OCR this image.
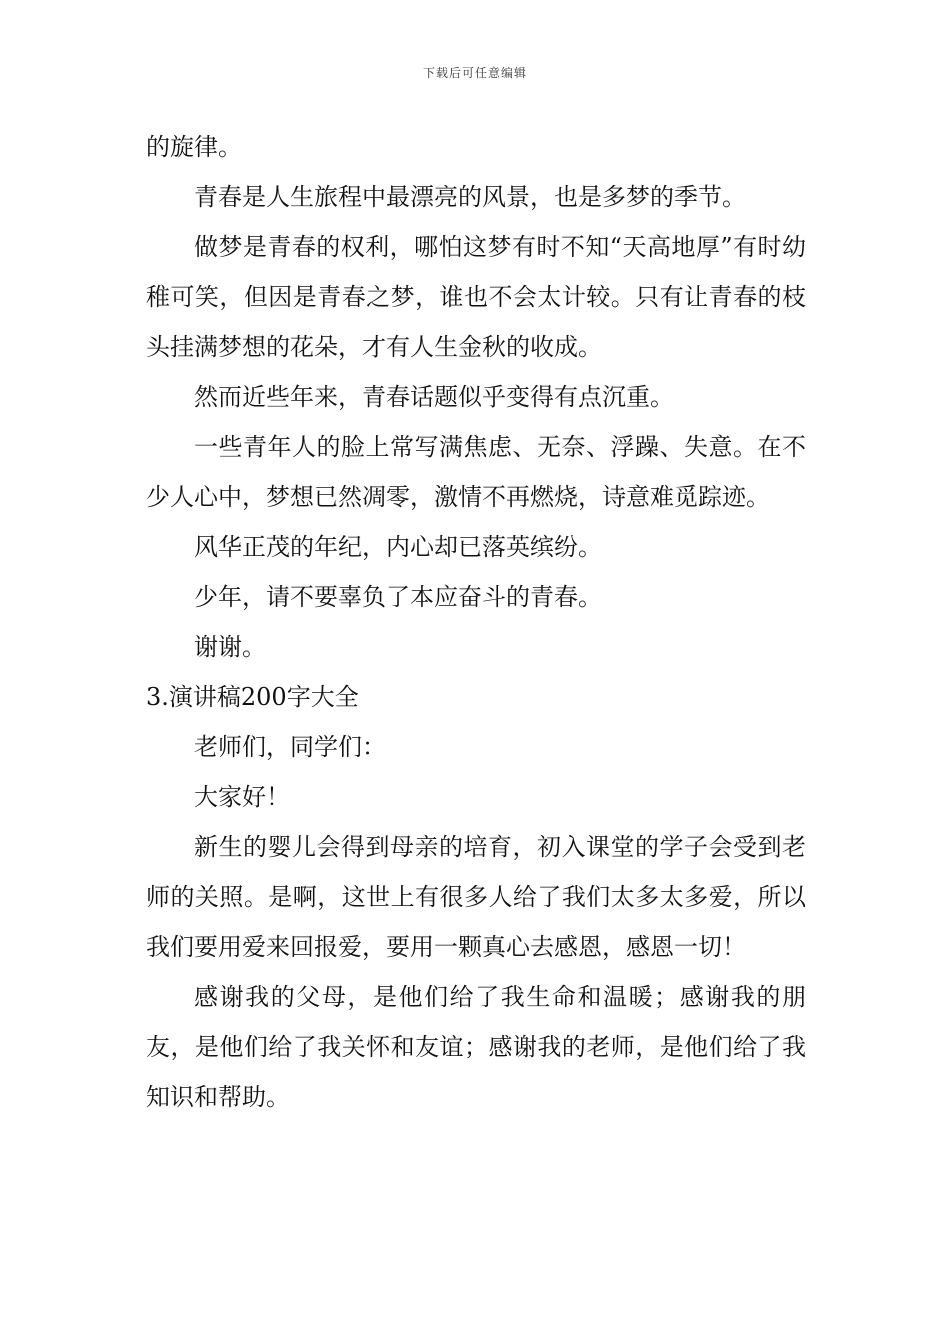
下载后可任意编辑

的旋律。

青春是人生旅程中最漂亮的风景，也是多梦的季节。

做梦是青春的权利，哪怕这梦有时不知“天高地厚”有时幼稚可笑，但因是青春之梦，谁也不会太计较。只有让青春的枝头挂满梦想的花朵，才有人生金秋的收成。

然而近些年来，青春话题似乎变得有点沉重。

一些青年人的脸上常写满焦虑、无奈、浮躁、失意。在不少人心中，梦想已然凋零，激情不再燃烧，诗意难觅踪迹。

风华正茂的年纪，内心却已落英缤纷。

少年，请不要辜负了本应奋斗的青春。

谢谢。

3.演讲稿200字大全

老师们，同学们：

大家好！

新生的婴儿会得到母亲的培育，初入课堂的学子会受到老师的关照。是啊，这世上有很多人给了我们太多太多爱，所以我们要用爱来回报爱，要用一颗真心去感恩，感恩一切！

感谢我的父母，是他们给了我生命和温暖；感谢我的朋友，是他们给了我关怀和友谊；感谢我的老师，是他们给了我知识和帮助。
